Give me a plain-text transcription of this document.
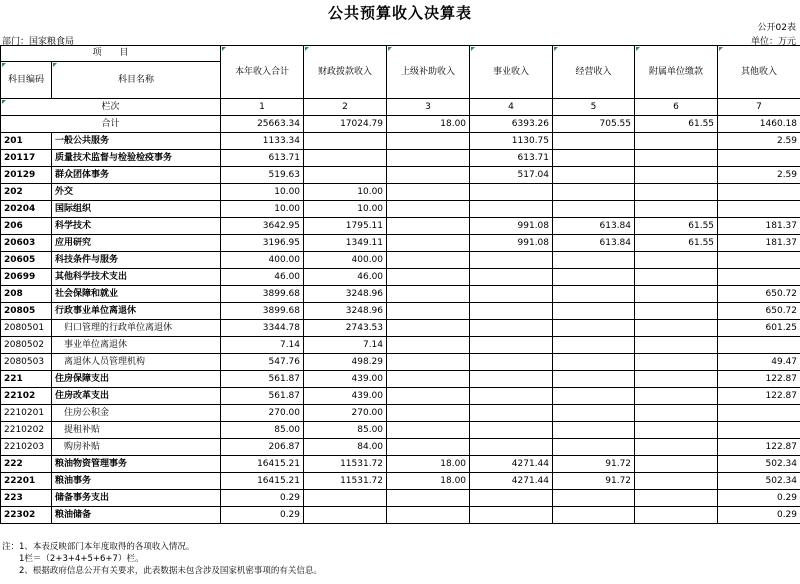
公共预算收入决算表
公开02表
部门：国家粮食局	单位：万元
项　　目		本年收入合计	财政拨款收入	上级补助收入	事业收入	经营收入	附属单位缴款	其他收入
科目编码	科目名称							
栏次		1	2	3	4	5	6	7
合计		25663.34	17024.79	18.00	6393.26	705.55	61.55	1460.18
201	一般公共服务	1133.34			1130.75			2.59
20117	质量技术监督与检验检疫事务	613.71			613.71			
20129	群众团体事务	519.63			517.04			2.59
202	外交	10.00	10.00					
20204	国际组织	10.00	10.00					
206	科学技术	3642.95	1795.11		991.08	613.84	61.55	181.37
20603	应用研究	3196.95	1349.11		991.08	613.84	61.55	181.37
20605	科技条件与服务	400.00	400.00					
20699	其他科学技术支出	46.00	46.00					
208	社会保障和就业	3899.68	3248.96					650.72
20805	行政事业单位离退休	3899.68	3248.96					650.72
2080501	　归口管理的行政单位离退休	3344.78	2743.53					601.25
2080502	　事业单位离退休	7.14	7.14					
2080503	　离退休人员管理机构	547.76	498.29					49.47
221	住房保障支出	561.87	439.00					122.87
22102	住房改革支出	561.87	439.00					122.87
2210201	　住房公积金	270.00	270.00					
2210202	　提租补贴	85.00	85.00					
2210203	　购房补贴	206.87	84.00					122.87
222	粮油物资管理事务	16415.21	11531.72	18.00	4271.44	91.72		502.34
22201	粮油事务	16415.21	11531.72	18.00	4271.44	91.72		502.34
223	储备事务支出	0.29						0.29
22302	粮油储备	0.29						0.29
注：1、本表反映部门本年度取得的各项收入情况。
　　1栏＝（2+3+4+5+6+7）栏。
　　2、根据政府信息公开有关要求，此表数据未包含涉及国家机密事项的有关信息。
